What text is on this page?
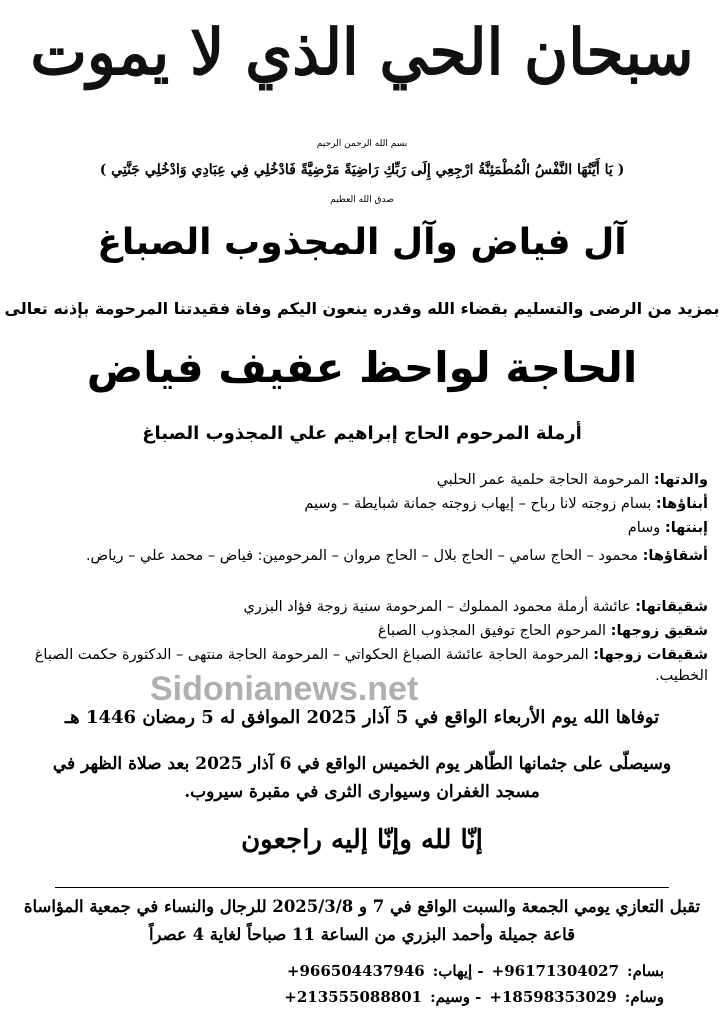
سبحان الحي الذي لا يموت
بسم الله الرحمن الرحيم
( يَا أَيَّتُهَا النَّفْسُ الْمُطْمَئِنَّةُ ارْجِعِي إِلَى رَبِّكِ رَاضِيَةً مَرْضِيَّةً فَادْخُلِي فِي عِبَادِي وَادْخُلِي جَنَّتِي )
صدق الله العظيم
آل فياض وآل المجذوب الصباغ
بمزيد من الرضى والتسليم بقضاء الله وقدره ينعون اليكم وفاة فقيدتنا المرحومة بإذنه تعالى
الحاجة لواحظ عفيف فياض
أرملة المرحوم الحاج إبراهيم علي المجذوب الصباغ
والدتها: المرحومة الحاجة حلمية عمر الحلبي
أبناؤها: بسام زوجته لانا رباح – إيهاب زوجته جمانة شبايطة – وسيم
إبنتها: وسام
أشقاؤها: محمود – الحاج سامي – الحاج بلال – الحاج مروان – المرحومين: فياض – محمد علي – رياض.
شقيقاتها: عائشة أرملة محمود المملوك – المرحومة سنية زوجة فؤاد البزري
شقيق زوجها: المرحوم الحاج توفيق المجذوب الصباغ
شقيقات زوجها: المرحومة الحاجة عائشة الصباغ الحكواتي – المرحومة الحاجة منتهى – الدكتورة حكمت الصباغ الخطيب.
Sidonianews.net
توفاها الله يوم الأربعاء الواقع في 5 آذار 2025 الموافق له 5 رمضان 1446 هـ
وسيصلّى على جثمانها الطّاهر يوم الخميس الواقع في 6 آذار 2025 بعد صلاة الظهر في مسجد الغفران وسيوارى الثرى في مقبرة سيروب.
إنّا لله وإنّا إليه راجعون
تقبل التعازي يومي الجمعة والسبت الواقع في 7 و 2025/3/8 للرجال والنساء في جمعية المؤاساة قاعة جميلة وأحمد البزري من الساعة 11 صباحاً لغاية 4 عصراً
بسام:
+96171304027
- إيهاب:
+966504437946
وسام:
+18598353029
- وسيم:
+213555088801
